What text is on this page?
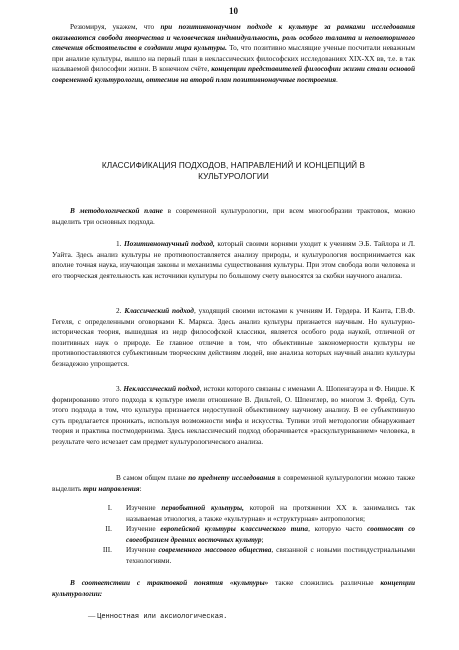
10

Резюмируя, укажем, что при позитивнонаучном подходе к культуре за рамками исследования оказываются свобода творчества и человеческая индивидуальность, роль особого таланта и неповторимого стечения обстоятельств в создании мира культуры. То, что позитивно мыслящие ученые посчитали неважным при анализе культуры, вышло на первый план в неклассических философских исследованиях XIX-XX вв, т.е. в так называемой философии жизни. В конечном счёте, концепции представителей философии жизни стали основой современной культурологии, оттеснив на второй план позитивнонаучные построения.

КЛАССИФИКАЦИЯ ПОДХОДОВ, НАПРАВЛЕНИЙ И КОНЦЕПЦИЙ В
КУЛЬТУРОЛОГИИ

В методологической плане в современной культурологии, при всем многообразии трактовок, можно выделить три основных подхода.

1. Позитивнонаучный подход, который своими корнями уходит к учениям Э.Б. Тайлора и Л. Уайта. Здесь анализ культуры не противопоставляется анализу природы, и культурология воспринимается как вполне точная наука, изучающая законы и механизмы существования культуры. При этом свобода воли человека и его творческая деятельность как источники культуры по большому счету выносятся за скобки научного анализа.

2. Классический подход, уходящий своими истоками к учениям И. Гердера. И Канта, Г.В.Ф. Гегеля, с определенными оговорками К. Маркса. Здесь анализ культуры признается научным. Но культурно-историческая теория, вышедшая из недр философской классики, является особого рода наукой, отличной от позитивных наук о природе. Ее главное отличие в том, что объективные закономерности культуры не противопоставляются субъективным творческим действиям людей, вне анализа которых научный анализ культуры безнадежно упрощается.

3. Неклассический подход, истоки которого связаны с именами А. Шопенгауэра и Ф. Ницше. К формированию этого подхода к культуре имели отношение В. Дильтей, О. Шпенглер, во многом З. Фрейд. Суть этого подхода в том, что культура признается недоступной объективному научному анализу. В ее субъективную суть предлагается проникать, используя возможности мифа и искусства. Тупики этой методологии обнаруживает теория и практика постмодернизма. Здесь неклассический подход оборачивается «раскультуриванием» человека, в результате чего исчезает сам предмет культурологического анализа.

В самом общем плане по предмету исследования в современной культурологии можно также выделить три направления:

I.	Изучение первобытной культуры, которой на протяжении XX в. занимались так называемая этнология, а также «культурная» и «структурная» антропология;
II.	Изучение европейской культуры классического типа, которую часто соотносят со своеобразием древних восточных культур;
III.	Изучение современного массового общества, связанной с новыми постиндустриальными технологиями.

В соответствии с трактовкой понятия «культуры» также сложились различные концепции культурологии:

— Ценностная или аксиологическая.
